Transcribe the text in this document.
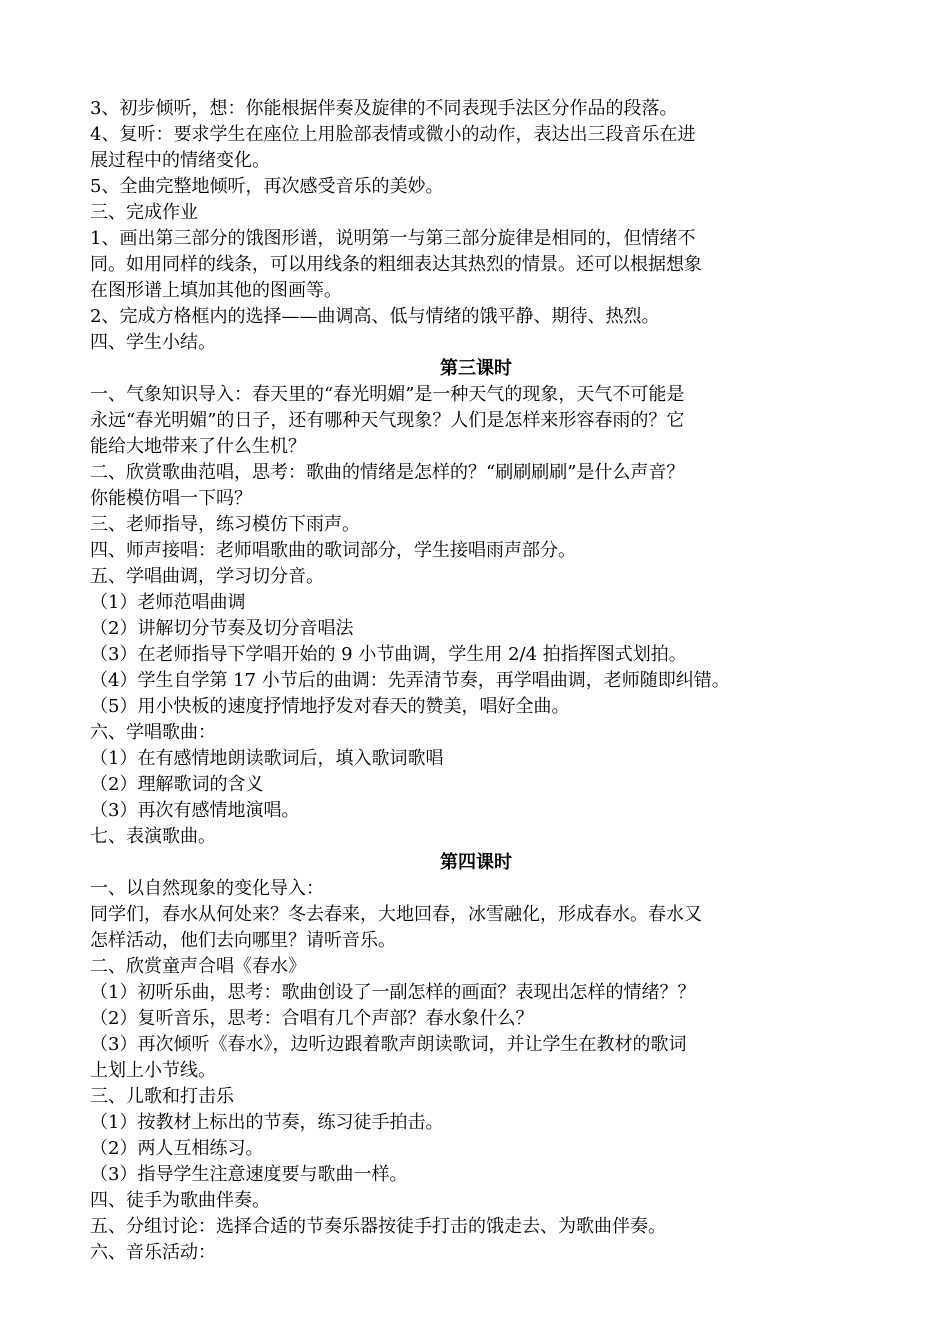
3、初步倾听，想：你能根据伴奏及旋律的不同表现手法区分作品的段落。
4、复听：要求学生在座位上用脸部表情或微小的动作，表达出三段音乐在进
展过程中的情绪变化。
5、全曲完整地倾听，再次感受音乐的美妙。
三、完成作业
1、画出第三部分的饿图形谱，说明第一与第三部分旋律是相同的，但情绪不
同。如用同样的线条，可以用线条的粗细表达其热烈的情景。还可以根据想象
在图形谱上填加其他的图画等。
2、完成方格框内的选择——曲调高、低与情绪的饿平静、期待、热烈。
四、学生小结。
第三课时
一、气象知识导入：春天里的“春光明媚”是一种天气的现象，天气不可能是
永远“春光明媚”的日子，还有哪种天气现象？人们是怎样来形容春雨的？它
能给大地带来了什么生机？
二、欣赏歌曲范唱，思考：歌曲的情绪是怎样的？“刷刷刷刷”是什么声音？
你能模仿唱一下吗？
三、老师指导，练习模仿下雨声。
四、师声接唱：老师唱歌曲的歌词部分，学生接唱雨声部分。
五、学唱曲调，学习切分音。
（1）老师范唱曲调
（2）讲解切分节奏及切分音唱法
（3）在老师指导下学唱开始的 9 小节曲调，学生用 2/4 拍指挥图式划拍。
（4）学生自学第 17 小节后的曲调：先弄清节奏，再学唱曲调，老师随即纠错。
（5）用小快板的速度抒情地抒发对春天的赞美，唱好全曲。
六、学唱歌曲：
（1）在有感情地朗读歌词后，填入歌词歌唱
（2）理解歌词的含义
（3）再次有感情地演唱。
七、表演歌曲。
第四课时
一、以自然现象的变化导入：
同学们，春水从何处来？冬去春来，大地回春，冰雪融化，形成春水。春水又
怎样活动，他们去向哪里？请听音乐。
二、欣赏童声合唱《春水》
（1）初听乐曲，思考：歌曲创设了一副怎样的画面？表现出怎样的情绪？？
（2）复听音乐，思考：合唱有几个声部？春水象什么？
（3）再次倾听《春水》，边听边跟着歌声朗读歌词，并让学生在教材的歌词
上划上小节线。
三、儿歌和打击乐
（1）按教材上标出的节奏，练习徒手拍击。
（2）两人互相练习。
（3）指导学生注意速度要与歌曲一样。
四、徒手为歌曲伴奏。
五、分组讨论：选择合适的节奏乐器按徒手打击的饿走去、为歌曲伴奏。
六、音乐活动：
